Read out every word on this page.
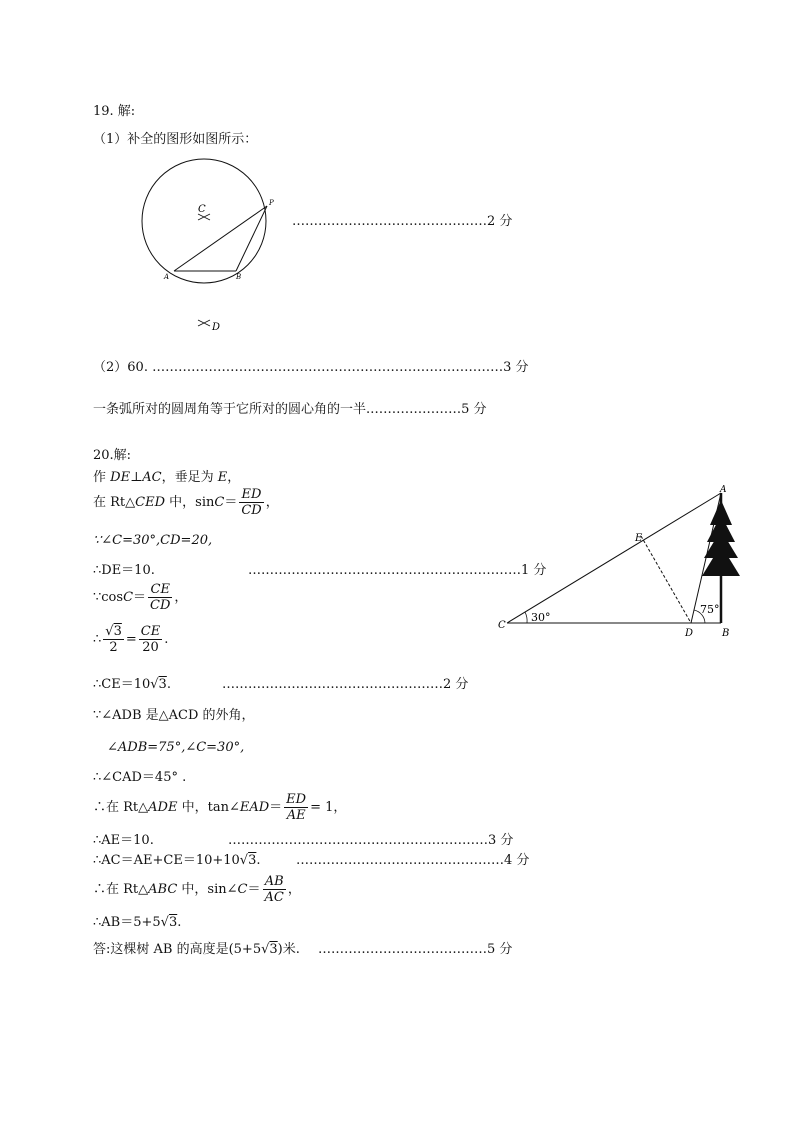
19. 解:
（1）补全的图形如图所示：
C
D
A	B
P
………………………………………2 分
（2）60. ………………………………………………………………………3 分
一条弧所对的圆周角等于它所对的圆心角的一半.…………………5 分
20.解:
作 DE⊥AC，垂足为 E，
在 Rt△CED 中，$\sin C= \frac{ED}{CD}$ ，
∵∠C=30°,CD=20,
∴DE＝10.	………………………………………………………1 分
∵cosC＝ $\frac{CE}{CD}$ ，
∴ $\frac{√3}{2} = \frac{CE}{20}$ .
∴CE＝10√3.	……………………………………………2 分
∵∠ADB 是△ACD 的外角，
∠ADB=75°,∠C=30°,
∴∠CAD＝45° .
∴在 Rt△ADE 中，tan∠EAD＝ $\frac{ED}{AE} = 1$，
∴AE＝10.	……………………………………………………3 分
∴AC＝AE+CE＝10+10√3.	…………………………………………4 分
∴在 Rt△ABC 中，sin∠C＝ $\frac{AB}{AC}$ ，
∴AB＝5+5√3.
答:这棵树 AB 的高度是(5+5√3)米. …………………………………5 分
30°
75°
A
E
C
D	B
